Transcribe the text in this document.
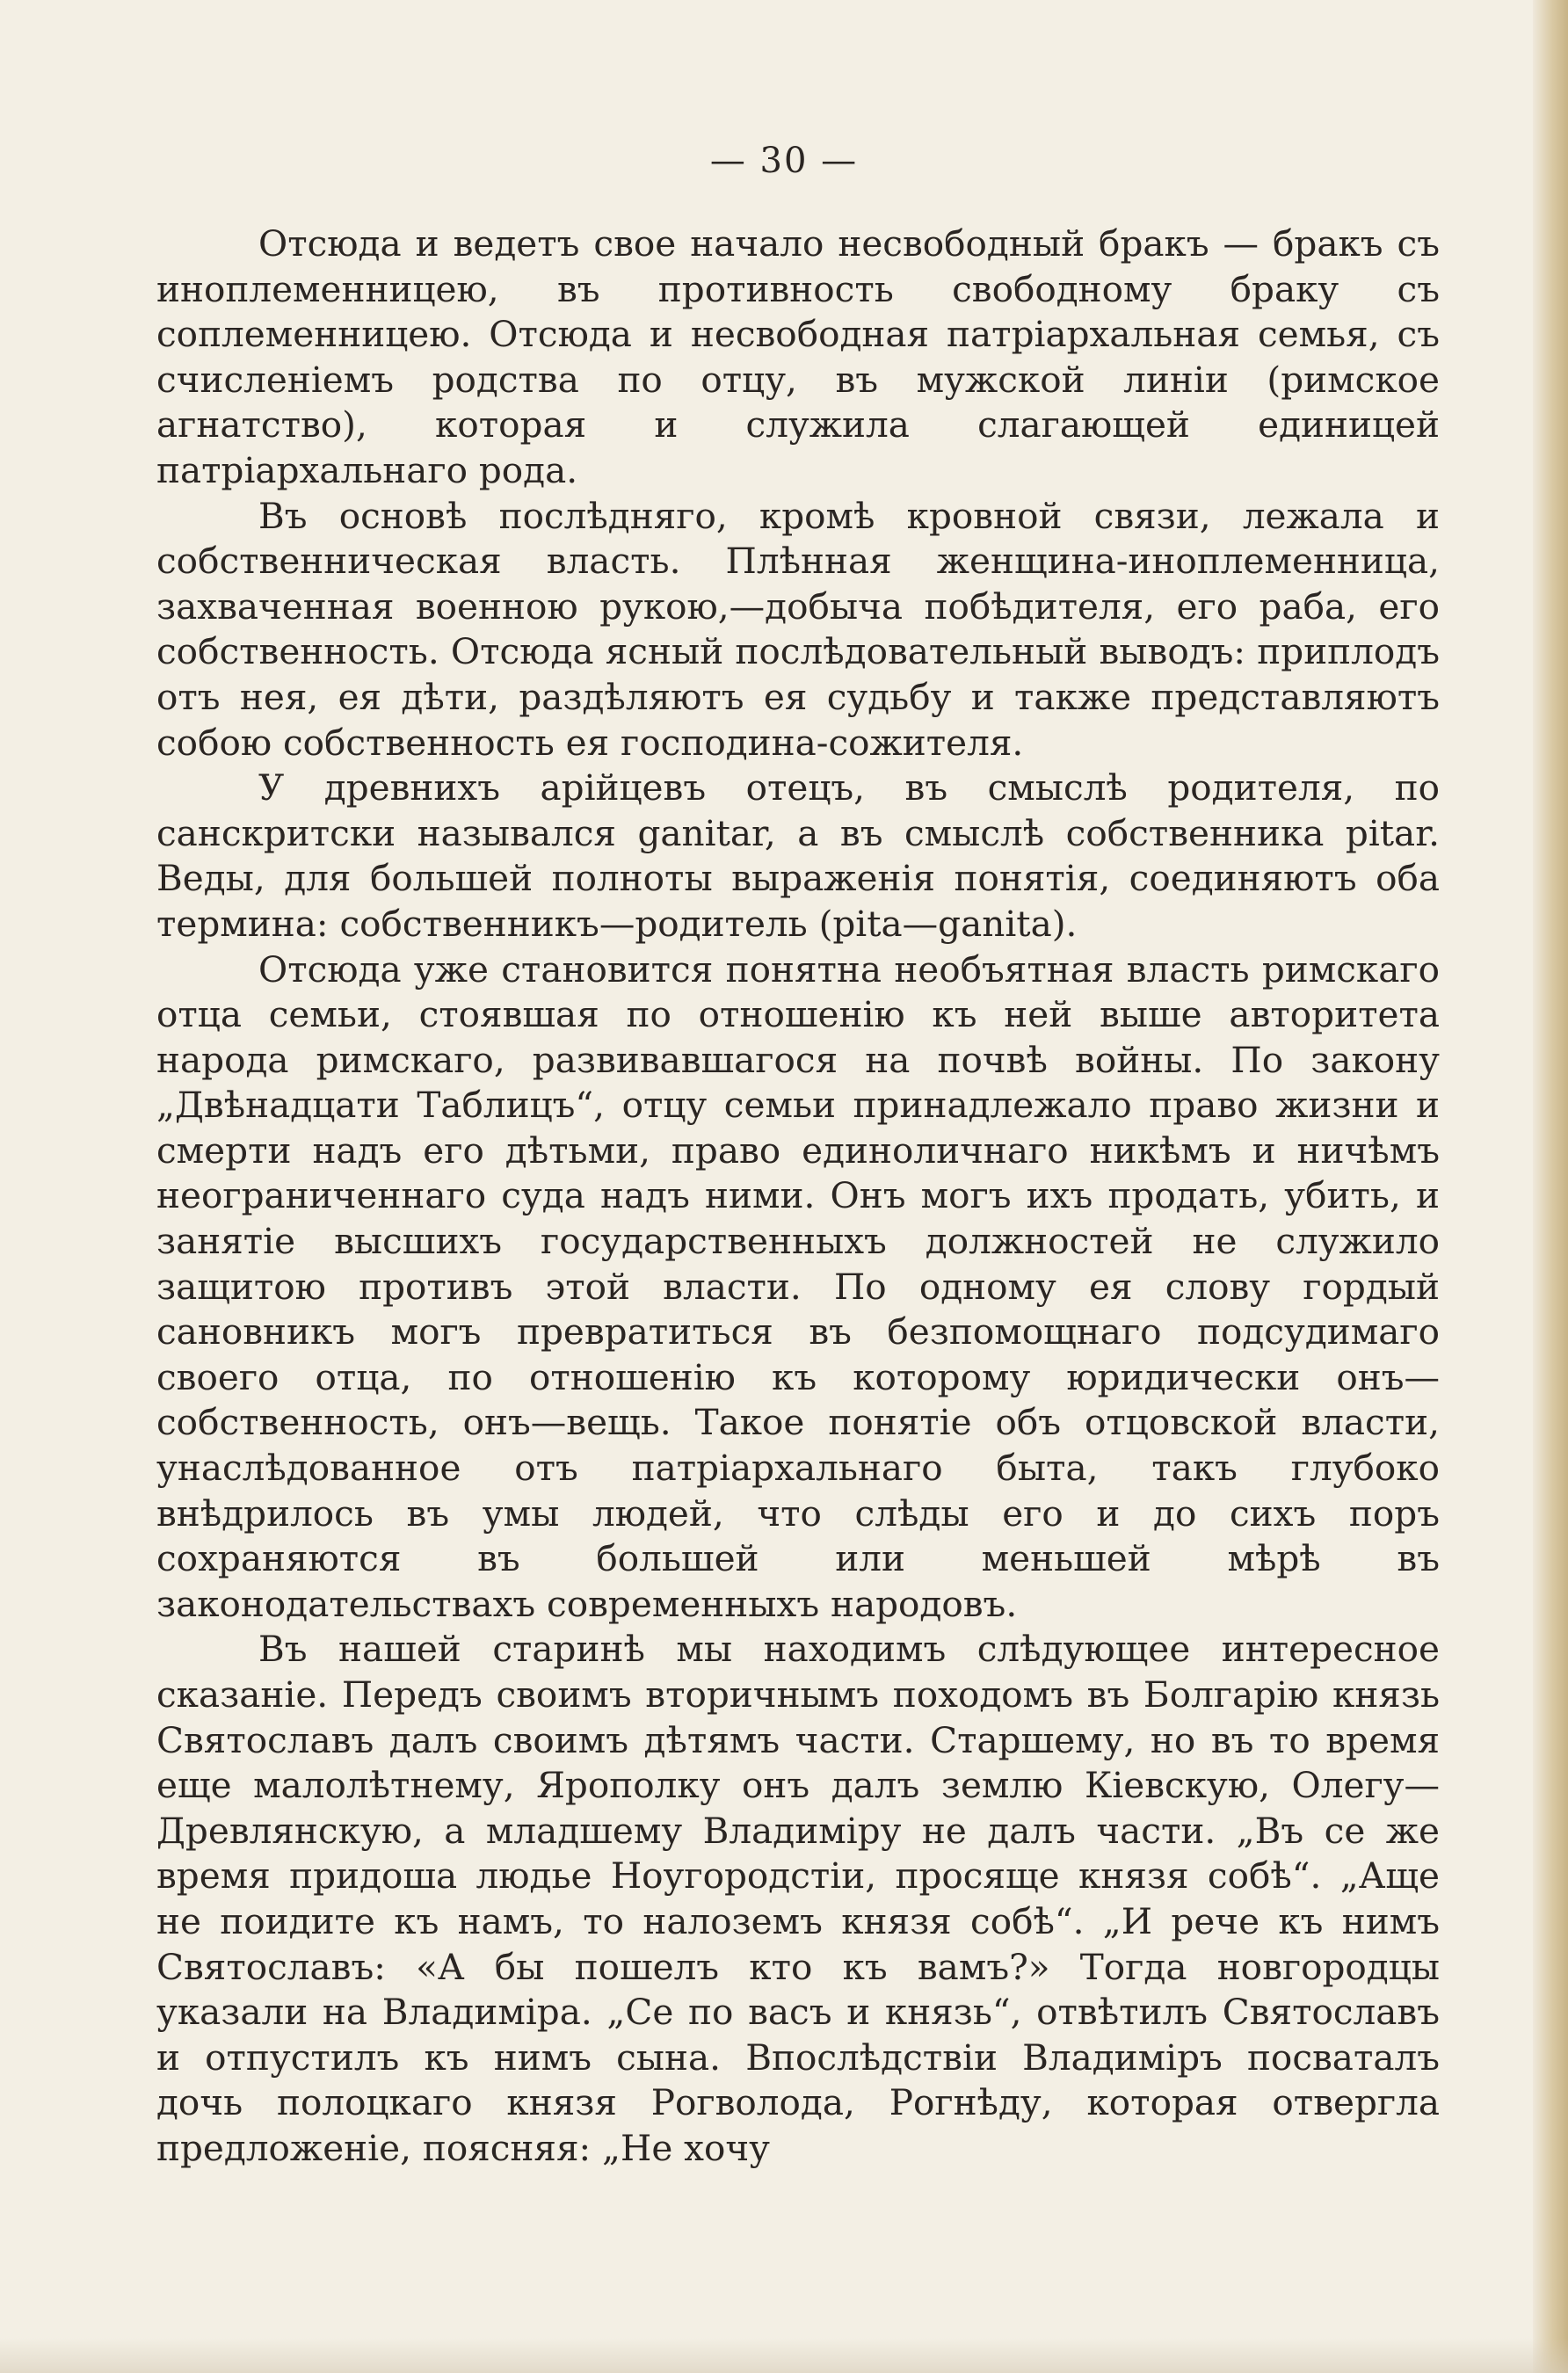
— 30 —

Отсюда и ведетъ свое начало несвободный бракъ — бракъ съ иноплеменницею, въ противность свободному браку съ соплеменницею. Отсюда и несвободная патріархальная семья, съ счисленіемъ родства по отцу, въ мужской линіи (римское агнатство), которая и служила слагающей единицей патріархальнаго рода.

Въ основѣ послѣдняго, кромѣ кровной связи, лежала и собственническая власть. Плѣнная женщина-иноплеменница, захваченная военною рукою,—добыча побѣдителя, его раба, его собственность. Отсюда ясный послѣдовательный выводъ: приплодъ отъ нея, ея дѣти, раздѣляютъ ея судьбу и также представляютъ собою собственность ея господина-сожителя.

У древнихъ арійцевъ отецъ, въ смыслѣ родителя, по санскритски назывался ganitar, а въ смыслѣ собственника pitar. Веды, для большей полноты выраженія понятія, соединяютъ оба термина: собственникъ—родитель (pita—ganita).

Отсюда уже становится понятна необъятная власть римскаго отца семьи, стоявшая по отношенію къ ней выше авторитета народа римскаго, развивавшагося на почвѣ войны. По закону „Двѣнадцати Таблицъ“, отцу семьи принадлежало право жизни и смерти надъ его дѣтьми, право единоличнаго никѣмъ и ничѣмъ неограниченнаго суда надъ ними. Онъ могъ ихъ продать, убить, и занятіе высшихъ государственныхъ должностей не служило защитою противъ этой власти. По одному ея слову гордый сановникъ могъ превратиться въ безпомощнаго подсудимаго своего отца, по отношенію къ которому юридически онъ—собственность, онъ—вещь. Такое понятіе объ отцовской власти, унаслѣдованное отъ патріархальнаго быта, такъ глубоко внѣдрилось въ умы людей, что слѣды его и до сихъ поръ сохраняются въ большей или меньшей мѣрѣ въ законодательствахъ современныхъ народовъ.

Въ нашей старинѣ мы находимъ слѣдующее интересное сказаніе. Передъ своимъ вторичнымъ походомъ въ Болгарію князь Святославъ далъ своимъ дѣтямъ части. Старшему, но въ то время еще малолѣтнему, Ярополку онъ далъ землю Кіевскую, Олегу—Древлянскую, а младшему Владиміру не далъ части. „Въ се же время придоша людье Ноугородстіи, просяще князя собѣ“. „Аще не поидите къ намъ, то налоземъ князя собѣ“. „И рече къ нимъ Святославъ: «А бы пошелъ кто къ вамъ?» Тогда новгородцы указали на Владиміра. „Се по васъ и князь“, отвѣтилъ Святославъ и отпустилъ къ нимъ сына. Впослѣдствіи Владиміръ посваталъ дочь полоцкаго князя Рогволода, Рогнѣду, которая отвергла предложеніе, поясняя: „Не хочу
